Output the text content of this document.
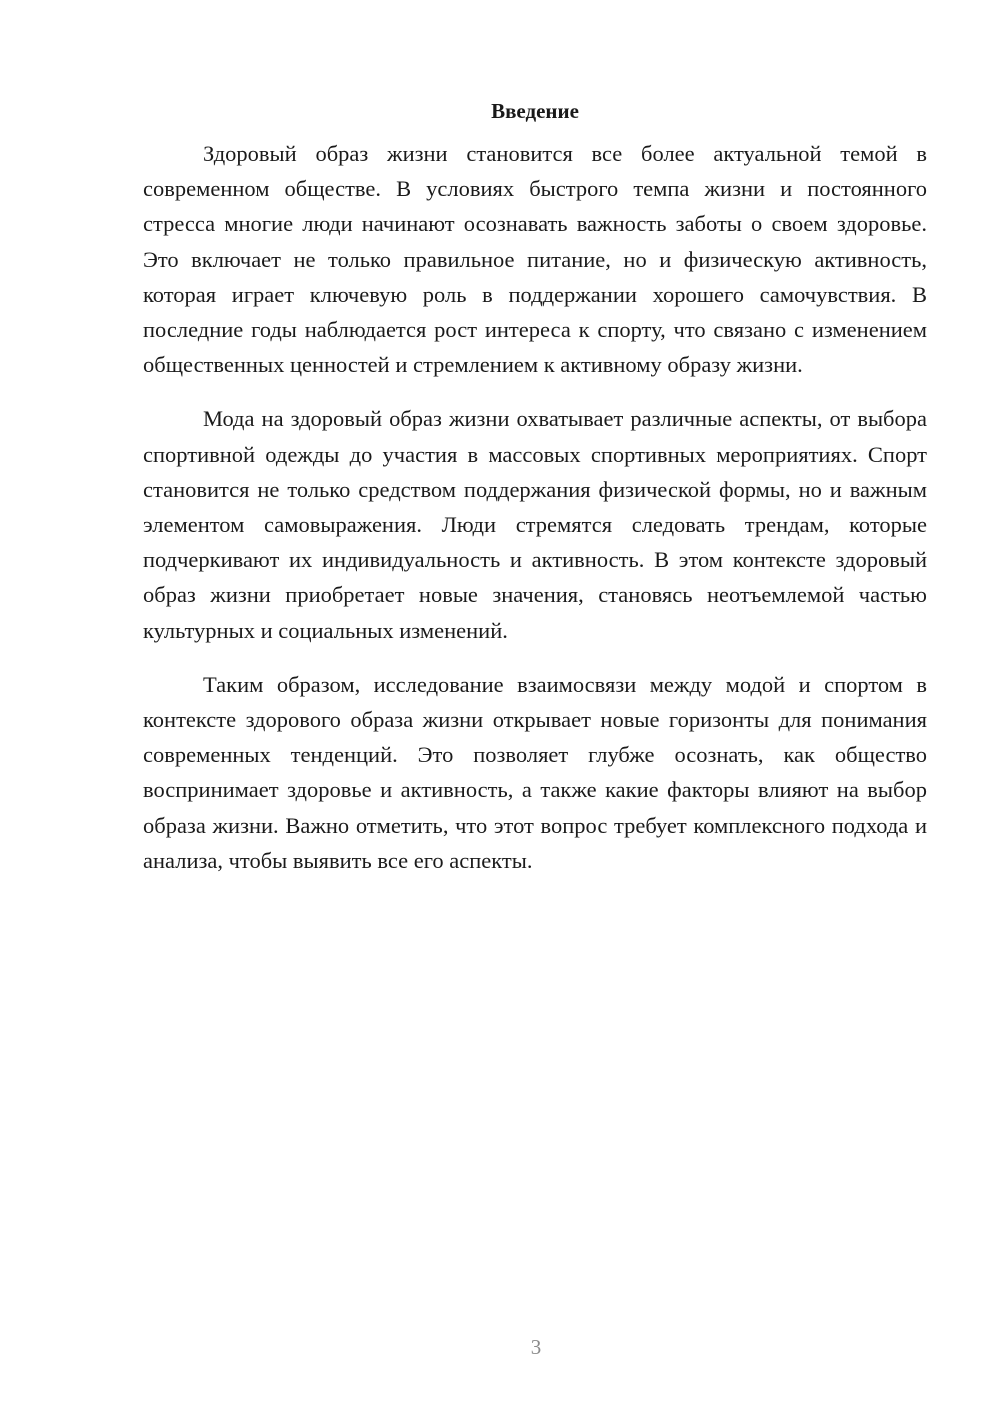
Введение

Здоровый образ жизни становится все более актуальной темой в современном обществе. В условиях быстрого темпа жизни и постоянного стресса многие люди начинают осознавать важность заботы о своем здоровье. Это включает не только правильное питание, но и физическую активность, которая играет ключевую роль в поддержании хорошего самочувствия. В последние годы наблюдается рост интереса к спорту, что связано с изменением общественных ценностей и стремлением к активному образу жизни.

Мода на здоровый образ жизни охватывает различные аспекты, от выбора спортивной одежды до участия в массовых спортивных мероприятиях. Спорт становится не только средством поддержания физической формы, но и важным элементом самовыражения. Люди стремятся следовать трендам, которые подчеркивают их индивидуальность и активность. В этом контексте здоровый образ жизни приобретает новые значения, становясь неотъемлемой частью культурных и социальных изменений.

Таким образом, исследование взаимосвязи между модой и спортом в контексте здорового образа жизни открывает новые горизонты для понимания современных тенденций. Это позволяет глубже осознать, как общество воспринимает здоровье и активность, а также какие факторы влияют на выбор образа жизни. Важно отметить, что этот вопрос требует комплексного подхода и анализа, чтобы выявить все его аспекты.

3
